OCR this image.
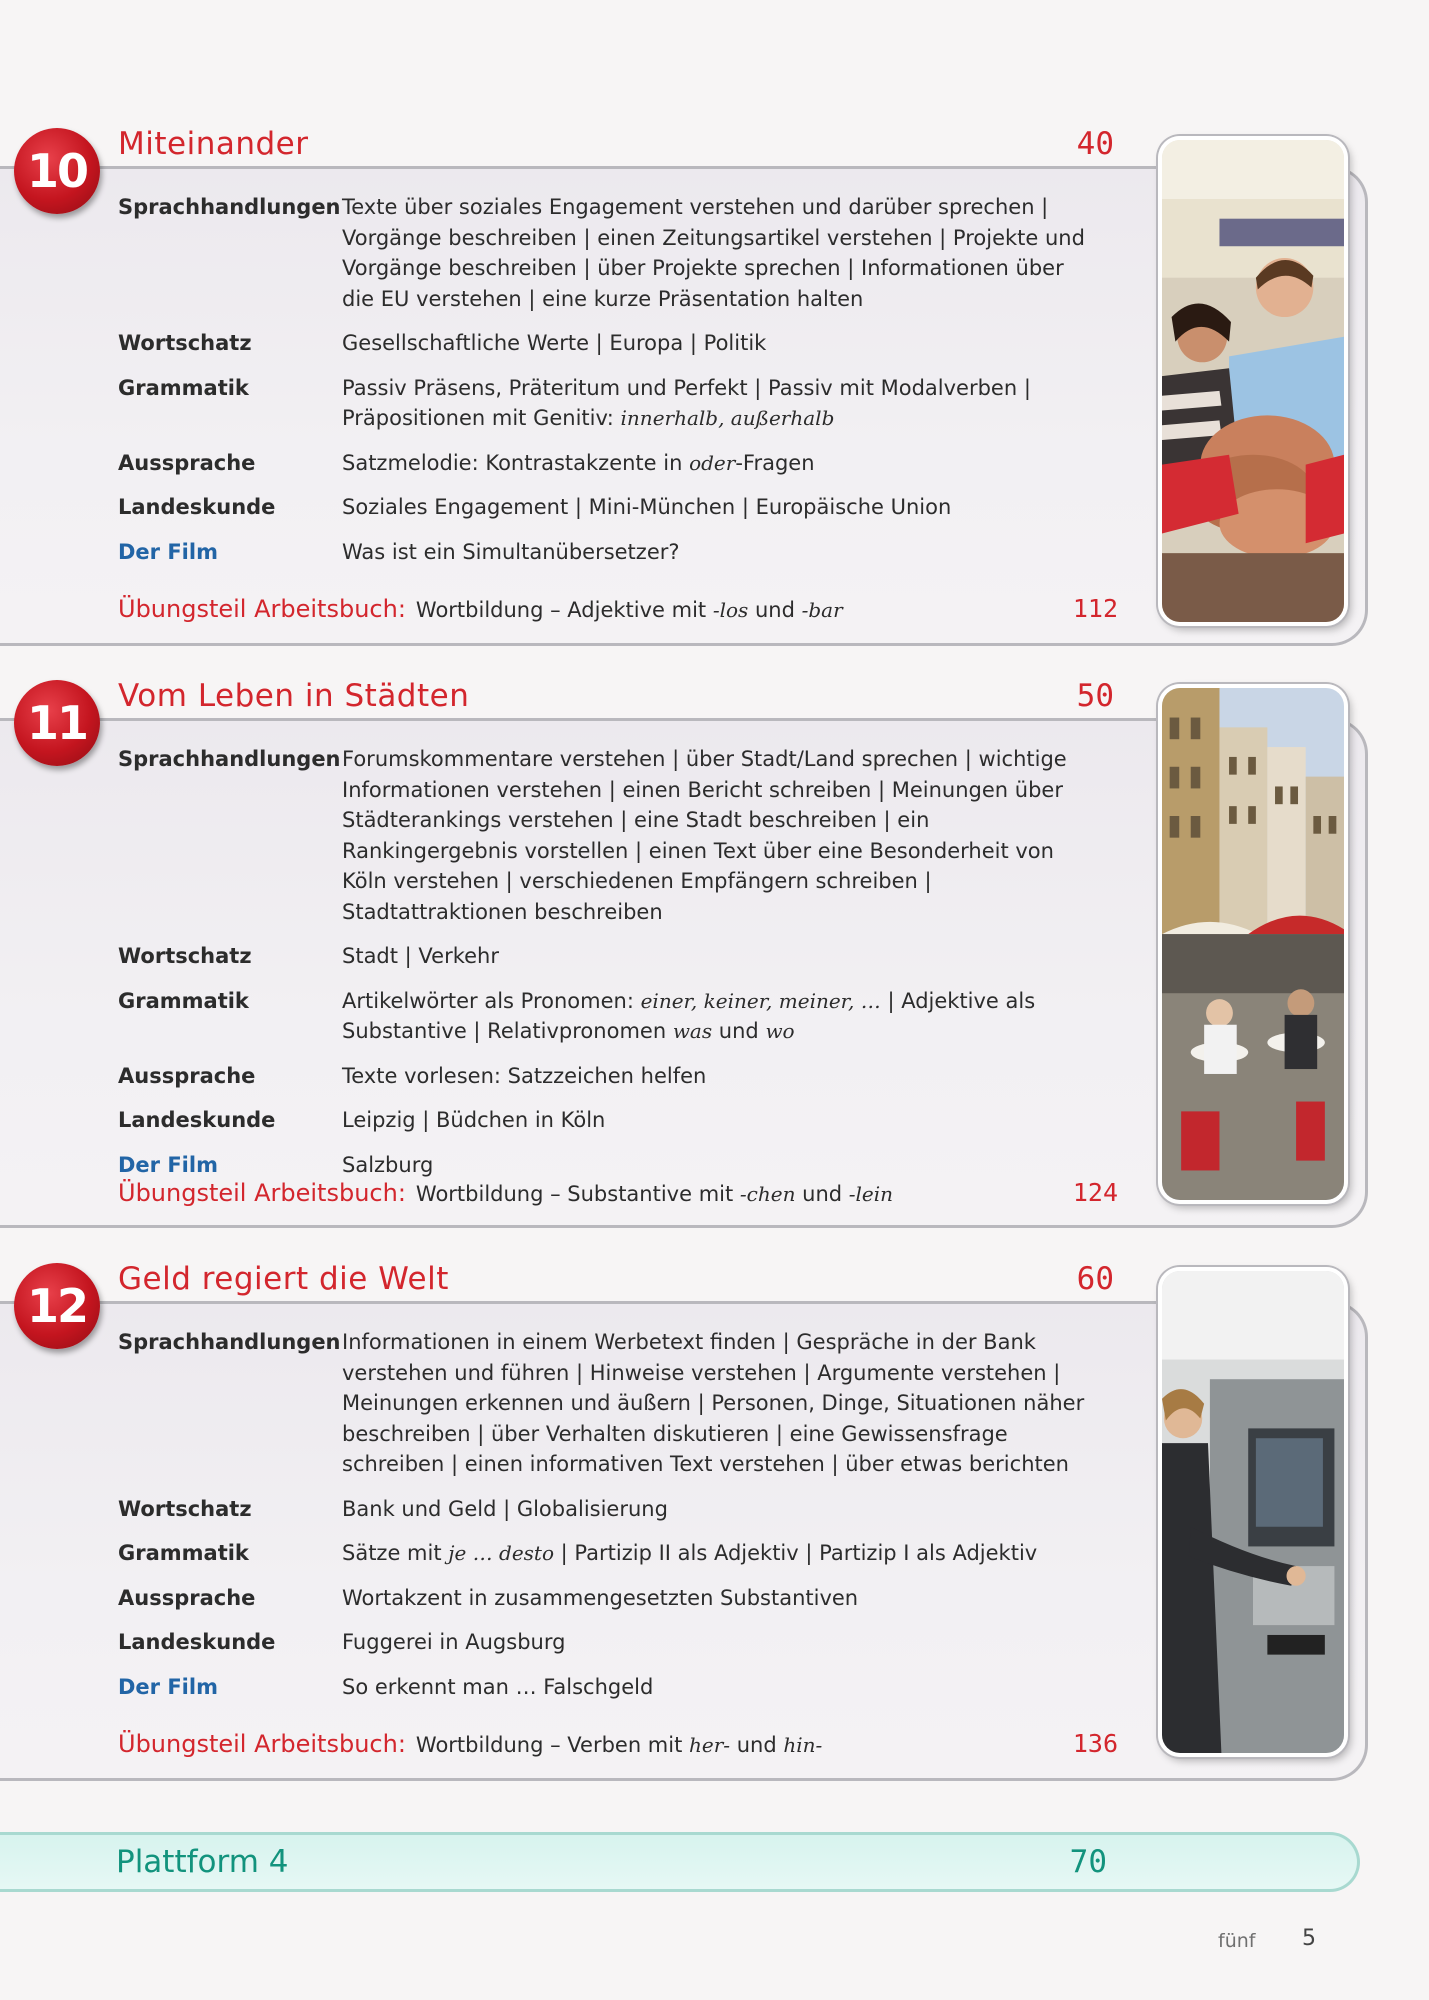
10	Miteinander	40
Sprachhandlungen Texte über soziales Engagement verstehen und darüber sprechen | Vorgänge beschreiben | einen Zeitungsartikel verstehen | Projekte und Vorgänge beschreiben | über Projekte sprechen | Informationen über die EU verstehen | eine kurze Präsentation halten
Wortschatz	Gesellschaftliche Werte | Europa | Politik
Grammatik	Passiv Präsens, Präteritum und Perfekt | Passiv mit Modalverben | Präpositionen mit Genitiv: innerhalb, außerhalb
Aussprache	Satzmelodie: Kontrastakzente in oder-Fragen
Landeskunde	Soziales Engagement | Mini-München | Europäische Union
Der Film	Was ist ein Simultanübersetzer?
Übungsteil Arbeitsbuch: Wortbildung – Adjektive mit -los und -bar	112
11	Vom Leben in Städten	50
Sprachhandlungen Forumskommentare verstehen | über Stadt/Land sprechen | wichtige Informationen verstehen | einen Bericht schreiben | Meinungen über Städterankings verstehen | eine Stadt beschreiben | ein Rankingergebnis vorstellen | einen Text über eine Besonderheit von Köln verstehen | verschiedenen Empfängern schreiben | Stadtattraktionen beschreiben
Wortschatz	Stadt | Verkehr
Grammatik	Artikelwörter als Pronomen: einer, keiner, meiner, … | Adjektive als Substantive | Relativpronomen was und wo
Aussprache	Texte vorlesen: Satzzeichen helfen
Landeskunde	Leipzig | Büdchen in Köln
Der Film	Salzburg
Übungsteil Arbeitsbuch: Wortbildung – Substantive mit -chen und -lein	124
12	Geld regiert die Welt	60
Sprachhandlungen Informationen in einem Werbetext finden | Gespräche in der Bank verstehen und führen | Hinweise verstehen | Argumente verstehen | Meinungen erkennen und äußern | Personen, Dinge, Situationen näher beschreiben | über Verhalten diskutieren | eine Gewissensfrage schreiben | einen informativen Text verstehen | über etwas berichten
Wortschatz	Bank und Geld | Globalisierung
Grammatik	Sätze mit je … desto | Partizip II als Adjektiv | Partizip I als Adjektiv
Aussprache	Wortakzent in zusammengesetzten Substantiven
Landeskunde	Fuggerei in Augsburg
Der Film	So erkennt man … Falschgeld
Übungsteil Arbeitsbuch: Wortbildung – Verben mit her- und hin-	136
Plattform 4	70
fünf 5
